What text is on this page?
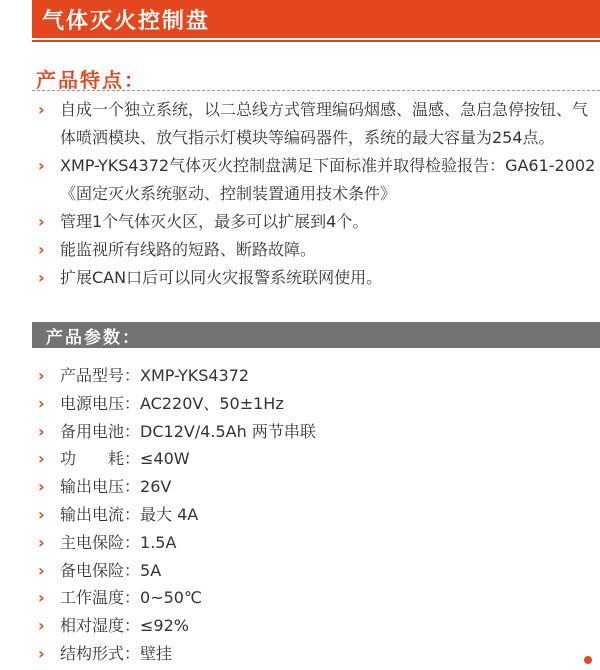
气体灭火控制盘
产品特点：
› 自成一个独立系统，以二总线方式管理编码烟感、温感、急启急停按钮、气体喷洒模块、放气指示灯模块等编码器件，系统的最大容量为254点。
› XMP-YKS4372气体灭火控制盘满足下面标准并取得检验报告：GA61-2002《固定灭火系统驱动、控制装置通用技术条件》
› 管理1个气体灭火区，最多可以扩展到4个。
› 能监视所有线路的短路、断路故障。
› 扩展CAN口后可以同火灾报警系统联网使用。
产品参数：
› 产品型号：XMP-YKS4372
› 电源电压：AC220V、50±1Hz
› 备用电池：DC12V/4.5Ah 两节串联
› 功　　耗：≤40W
› 输出电压：26V
› 输出电流：最大 4A
› 主电保险：1.5A
› 备电保险：5A
› 工作温度：0~50℃
› 相对湿度：≤92%
› 结构形式：壁挂
